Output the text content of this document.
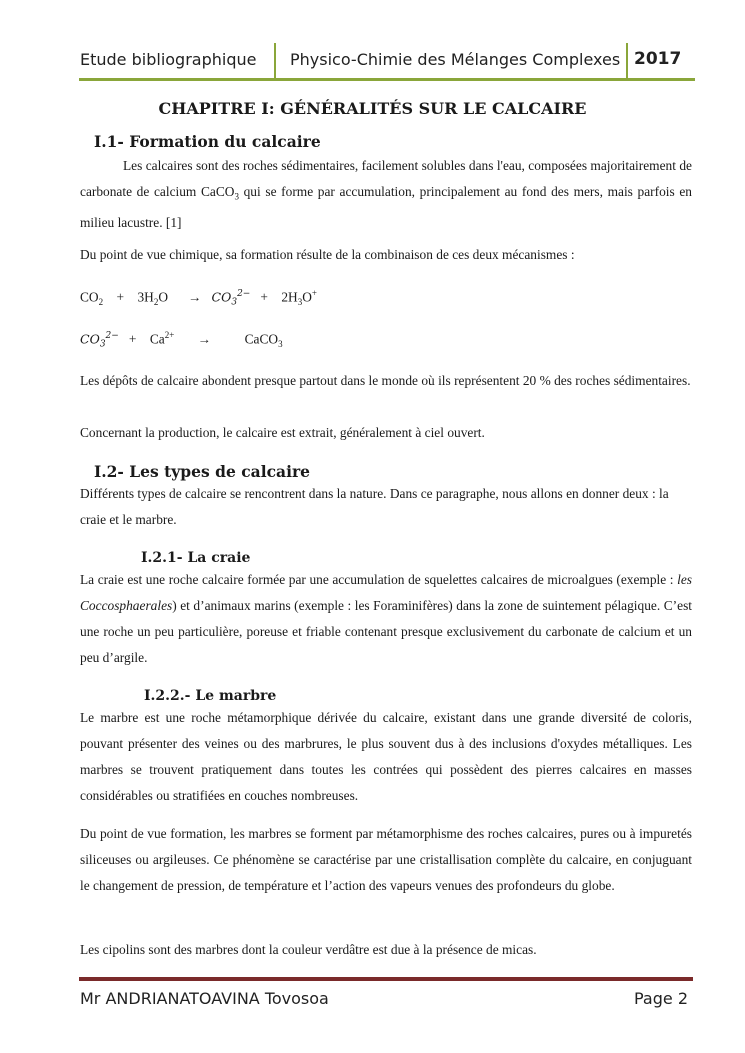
Etude bibliographique Physico-Chimie des Mélanges Complexes 2017
CHAPITRE I: GÉNÉRALITÉS SUR LE CALCAIRE
I.1- Formation du calcaire

Les calcaires sont des roches sédimentaires, facilement solubles dans l'eau, composées majoritairement de carbonate de calcium CaCO$_3$ qui se forme par accumulation, principalement au fond des mers, mais parfois en milieu lacustre. [1]

Du point de vue chimique, sa formation résulte de la combinaison de ces deux mécanismes :

$CO_2 + 3H_2O \to CO_3^{2-} + 2H_3O^+$
$CO_3^{2-} + Ca^{2+}$ → CaCO$_3$

Les dépôts de calcaire abondent presque partout dans le monde où ils représentent 20 % des roches sédimentaires.

Concernant la production, le calcaire est extrait, généralement à ciel ouvert.

I.2- Les types de calcaire

Différents types de calcaire se rencontrent dans la nature. Dans ce paragraphe, nous allons en donner deux : la craie et le marbre.

I.2.1- La craie

La craie est une roche calcaire formée par une accumulation de squelettes calcaires de microalgues (exemple : les Coccosphaerales) et d’animaux marins (exemple : les Foraminifères) dans la zone de suintement pélagique. C’est une roche un peu particulière, poreuse et friable contenant presque exclusivement du carbonate de calcium et un peu d’argile.

I.2.2.- Le marbre

Le marbre est une roche métamorphique dérivée du calcaire, existant dans une grande diversité de coloris, pouvant présenter des veines ou des marbrures, le plus souvent dus à des inclusions d'oxydes métalliques. Les marbres se trouvent pratiquement dans toutes les contrées qui possèdent des pierres calcaires en masses considérables ou stratifiées en couches nombreuses.

Du point de vue formation, les marbres se forment par métamorphisme des roches calcaires, pures ou à impuretés siliceuses ou argileuses. Ce phénomène se caractérise par une cristallisation complète du calcaire, en conjuguant le changement de pression, de température et l’action des vapeurs venues des profondeurs du globe.

Les cipolins sont des marbres dont la couleur verdâtre est due à la présence de micas.

Mr ANDRIANATOAVINA Tovosoa	Page 2
